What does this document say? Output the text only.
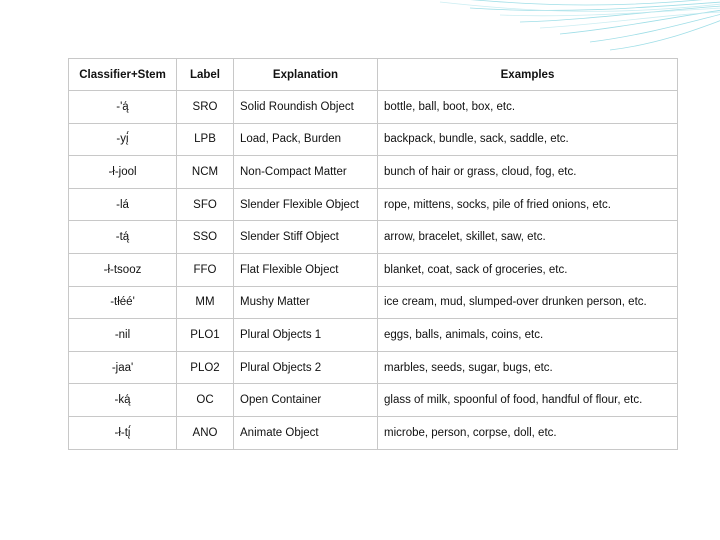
Classifier+Stem	Label	Explanation	Examples
-'ą́	SRO	Solid Roundish Object	bottle, ball, boot, box, etc.
-yį́	LPB	Load, Pack, Burden	backpack, bundle, sack, saddle, etc.
-ł-jool	NCM	Non-Compact Matter	bunch of hair or grass, cloud, fog, etc.
-lá	SFO	Slender Flexible Object	rope, mittens, socks, pile of fried onions, etc.
-tą́	SSO	Slender Stiff Object	arrow, bracelet, skillet, saw, etc.
-ł-tsooz	FFO	Flat Flexible Object	blanket, coat, sack of groceries, etc.
-tłéé'	MM	Mushy Matter	ice cream, mud, slumped-over drunken person, etc.
-nil	PLO1	Plural Objects 1	eggs, balls, animals, coins, etc.
-jaa'	PLO2	Plural Objects 2	marbles, seeds, sugar, bugs, etc.
-ką́	OC	Open Container	glass of milk, spoonful of food, handful of flour, etc.
-ł-tį́	ANO	Animate Object	microbe, person, corpse, doll, etc.
